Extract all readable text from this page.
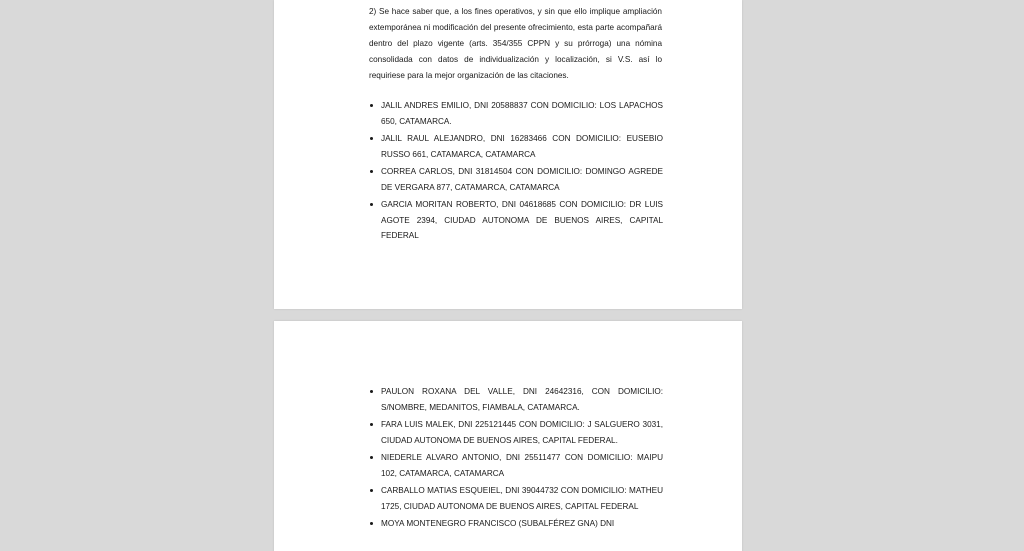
2) Se hace saber que, a los fines operativos, y sin que ello implique ampliación extemporánea ni modificación del presente ofrecimiento, esta parte acompañará dentro del plazo vigente (arts. 354/355 CPPN y su prórroga) una nómina consolidada con datos de individualización y localización, si V.S. así lo requiriese para la mejor organización de las citaciones.

JALIL ANDRES EMILIO, DNI 20588837 CON DOMICILIO: LOS LAPACHOS 650, CATAMARCA.
JALIL RAUL ALEJANDRO, DNI 16283466 CON DOMICILIO: EUSEBIO RUSSO 661, CATAMARCA, CATAMARCA
CORREA CARLOS, DNI 31814504 CON DOMICILIO: DOMINGO AGREDE DE VERGARA 877, CATAMARCA, CATAMARCA
GARCIA MORITAN ROBERTO, DNI 04618685 CON DOMICILIO: DR LUIS AGOTE 2394, CIUDAD AUTONOMA DE BUENOS AIRES, CAPITAL FEDERAL
PAULON ROXANA DEL VALLE, DNI 24642316, CON DOMICILIO: S/NOMBRE, MEDANITOS, FIAMBALA, CATAMARCA.
FARA LUIS MALEK, DNI 225121445 CON DOMICILIO: J SALGUERO 3031, CIUDAD AUTONOMA DE BUENOS AIRES, CAPITAL FEDERAL.
NIEDERLE ALVARO ANTONIO, DNI 25511477 CON DOMICILIO: MAIPU 102, CATAMARCA, CATAMARCA
CARBALLO MATIAS ESQUEIEL, DNI 39044732 CON DOMICILIO: MATHEU 1725, CIUDAD AUTONOMA DE BUENOS AIRES, CAPITAL FEDERAL
MOYA MONTENEGRO FRANCISCO (SUBALFÉREZ GNA) DNI
